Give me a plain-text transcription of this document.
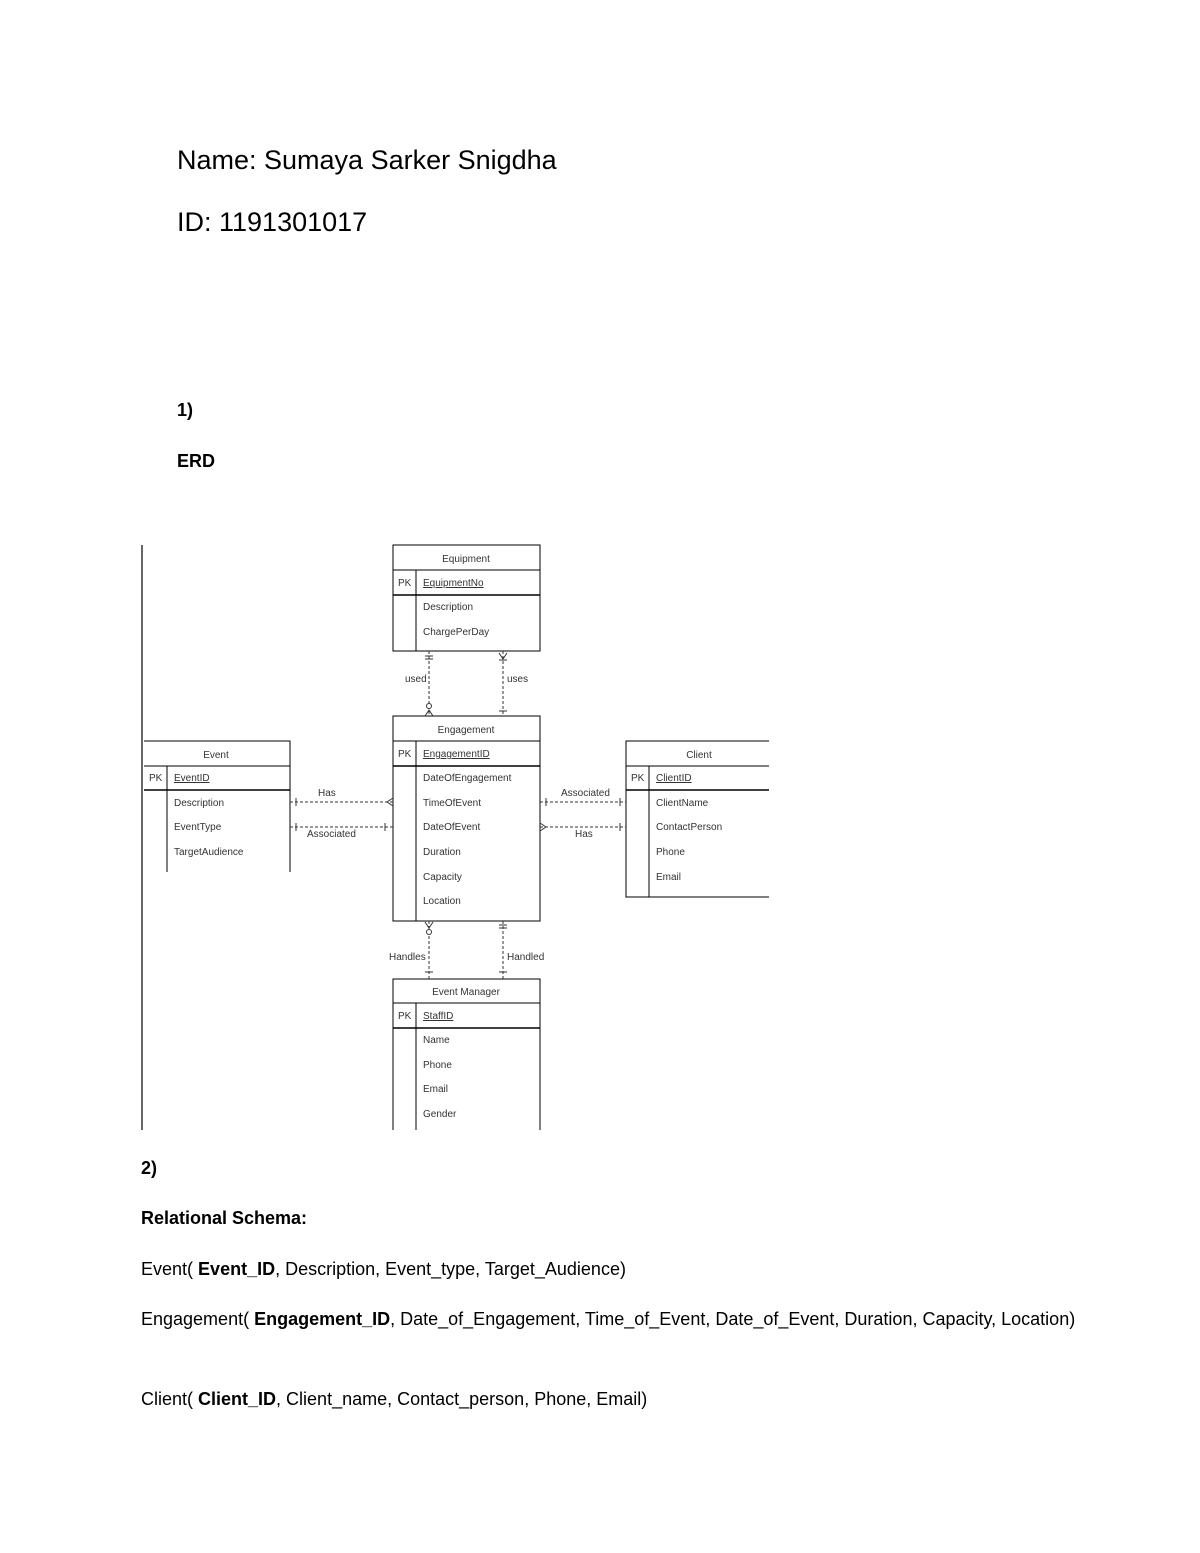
Name: Sumaya Sarker Snigdha
ID: 1191301017
1)
ERD
Equipment
PK EquipmentNo
Description
ChargePerDay
Engagement
PK EngagementID
DateOfEngagement
TimeOfEvent
DateOfEvent
Duration
Capacity
Location
Event
PK EventID
Description
EventType
TargetAudience
Client
PK ClientID
ClientName
ContactPerson
Phone
Email
Event Manager
PK StaffID
Name
Phone
Email
Gender
used	uses
Has
Associated
Associated
Has
Handles	Handled
2)
Relational Schema:
Event( Event_ID, Description, Event_type, Target_Audience)
Engagement( Engagement_ID, Date_of_Engagement, Time_of_Event, Date_of_Event, Duration, Capacity, Location)
Client( Client_ID, Client_name, Contact_person, Phone, Email)
